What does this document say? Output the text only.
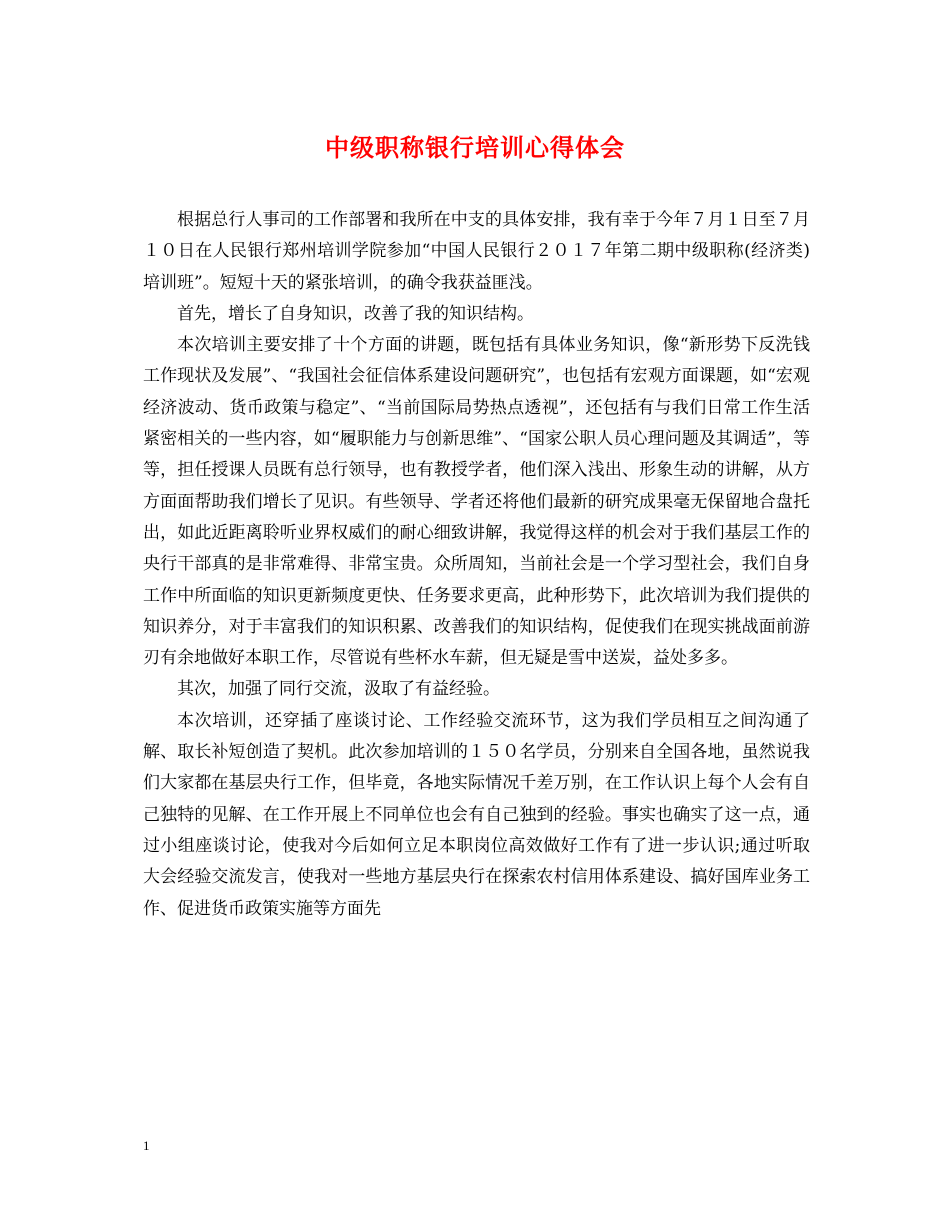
中级职称银行培训心得体会

根据总行人事司的工作部署和我所在中支的具体安排，我有幸于今年７月１日至７月１０日在人民银行郑州培训学院参加“中国人民银行２０１７年第二期中级职称(经济类)培训班”。短短十天的紧张培训，的确令我获益匪浅。

首先，增长了自身知识，改善了我的知识结构。

本次培训主要安排了十个方面的讲题，既包括有具体业务知识，像“新形势下反洗钱工作现状及发展”、“我国社会征信体系建设问题研究”，也包括有宏观方面课题，如“宏观经济波动、货币政策与稳定”、“当前国际局势热点透视”，还包括有与我们日常工作生活紧密相关的一些内容，如“履职能力与创新思维”、“国家公职人员心理问题及其调适”，等等，担任授课人员既有总行领导，也有教授学者，他们深入浅出、形象生动的讲解，从方方面面帮助我们增长了见识。有些领导、学者还将他们最新的研究成果毫无保留地合盘托出，如此近距离聆听业界权威们的耐心细致讲解，我觉得这样的机会对于我们基层工作的央行干部真的是非常难得、非常宝贵。众所周知，当前社会是一个学习型社会，我们自身工作中所面临的知识更新频度更快、任务要求更高，此种形势下，此次培训为我们提供的知识养分，对于丰富我们的知识积累、改善我们的知识结构，促使我们在现实挑战面前游刃有余地做好本职工作，尽管说有些杯水车薪，但无疑是雪中送炭，益处多多。

其次，加强了同行交流，汲取了有益经验。

本次培训，还穿插了座谈讨论、工作经验交流环节，这为我们学员相互之间沟通了解、取长补短创造了契机。此次参加培训的１５０名学员，分别来自全国各地，虽然说我们大家都在基层央行工作，但毕竟，各地实际情况千差万别，在工作认识上每个人会有自己独特的见解、在工作开展上不同单位也会有自己独到的经验。事实也确实了这一点，通过小组座谈讨论，使我对今后如何立足本职岗位高效做好工作有了进一步认识;通过听取大会经验交流发言，使我对一些地方基层央行在探索农村信用体系建设、搞好国库业务工作、促进货币政策实施等方面先

1
